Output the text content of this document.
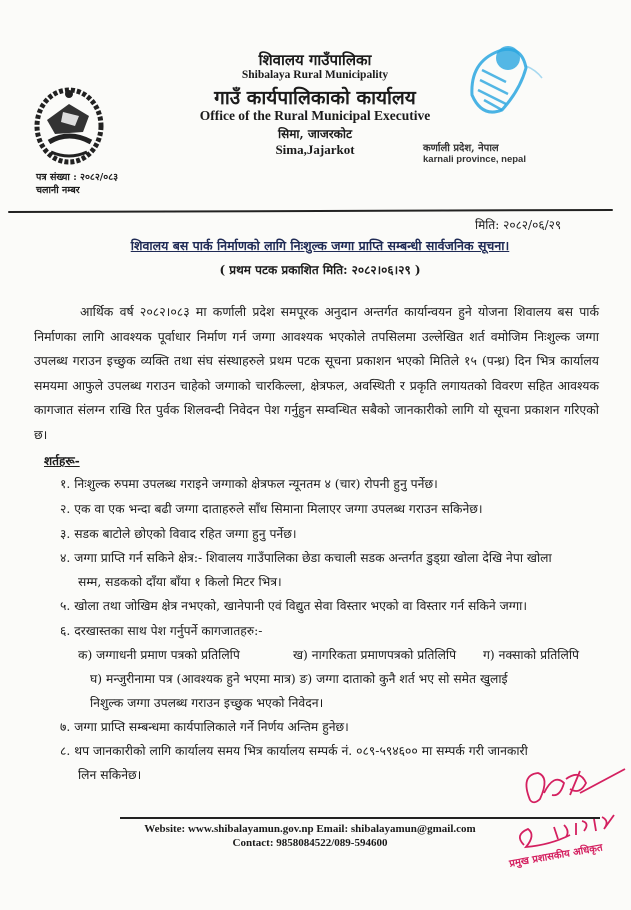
शिवालय गाउँपालिका
Shibalaya Rural Municipality
गाउँ कार्यपालिकाको कार्यालय
Office of the Rural Municipal Executive
सिमा, जाजरकोट
Sima,Jajarkot	कर्णाली प्रदेश, नेपाल
karnali province, nepal
पत्र संख्या : २०८२/०८३
चलानी नम्बर
मिति: २०८२/०६/२९
शिवालय बस पार्क निर्माणको लागि निःशुल्क जग्गा प्राप्ति सम्बन्धी सार्वजनिक सूचना।
( प्रथम पटक प्रकाशित मिति: २०८२।०६।२९ )
आर्थिक वर्ष २०८२।०८३ मा कर्णाली प्रदेश समपूरक अनुदान अन्तर्गत कार्यान्वयन हुने योजना शिवालय बस पार्क निर्माणका लागि आवश्यक पूर्वाधार निर्माण गर्न जग्गा आवश्यक भएकोले तपसिलमा उल्लेखित शर्त वमोजिम निःशुल्क जग्गा उपलब्ध गराउन इच्छुक व्यक्ति तथा संघ संस्थाहरुले प्रथम पटक सूचना प्रकाशन भएको मितिले १५ (पन्ध्र) दिन भित्र कार्यालय समयमा आफुले उपलब्ध गराउन चाहेको जग्गाको चारकिल्ला, क्षेत्रफल, अवस्थिती र प्रकृति लगायतको विवरण सहित आवश्यक कागजात संलग्न राखि रित पुर्वक शिलवन्दी निवेदन पेश गर्नुहुन सम्वन्धित सबैको जानकारीको लागि यो सूचना प्रकाशन गरिएको छ।
शर्तहरू-
१. निःशुल्क रुपमा उपलब्ध गराइने जग्गाको क्षेत्रफल न्यूनतम ४ (चार) रोपनी हुनु पर्नेछ।
२. एक वा एक भन्दा बढी जग्गा दाताहरुले साँध सिमाना मिलाएर जग्गा उपलब्ध गराउन सकिनेछ।
३. सडक बाटोले छोएको विवाद रहित जग्गा हुनु पर्नेछ।
४. जग्गा प्राप्ति गर्न सकिने क्षेत्र:- शिवालय गाउँपालिका छेडा कचाली सडक अन्तर्गत डुड्ग्रा खोला देखि नेपा खोला
सम्म, सडकको दाँया बाँया १ किलो मिटर भित्र।
५. खोला तथा जोखिम क्षेत्र नभएको, खानेपानी एवं विद्युत सेवा विस्तार भएको वा विस्तार गर्न सकिने जग्गा।
६. दरखास्तका साथ पेश गर्नुपर्ने कागजातहरु:-
क) जग्गाधनी प्रमाण पत्रको प्रतिलिपि	ख) नागरिकता प्रमाणपत्रको प्रतिलिपि ग) नक्साको प्रतिलिपि
घ) मन्जुरीनामा पत्र (आवश्यक हुने भएमा मात्र) ङ) जग्गा दाताको कुनै शर्त भए सो समेत खुलाई
निशुल्क जग्गा उपलब्ध गराउन इच्छुक भएको निवेदन।
७. जग्गा प्राप्ति सम्बन्धमा कार्यपालिकाले गर्ने निर्णय अन्तिम हुनेछ।
८. थप जानकारीको लागि कार्यालय समय भित्र कार्यालय सम्पर्क नं. ०८९-५९४६०० मा सम्पर्क गरी जानकारी
लिन सकिनेछ।
प्रमुख प्रशासकीय अधिकृत
Website: www.shibalayamun.gov.np Email: shibalayamun@gmail.com
Contact: 9858084522/089-594600
